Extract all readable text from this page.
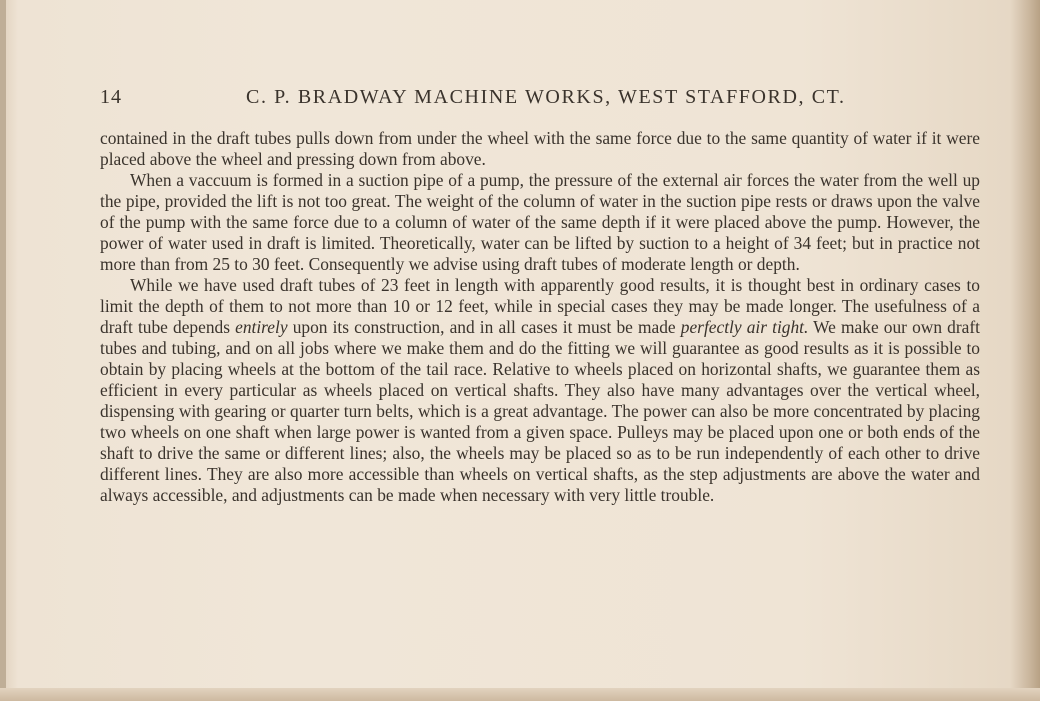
14	C. P. BRADWAY MACHINE WORKS, WEST STAFFORD, CT.

contained in the draft tubes pulls down from under the wheel with the same force due to the same quantity of water if it were placed above the wheel and pressing down from above.

When a vaccuum is formed in a suction pipe of a pump, the pressure of the external air forces the water from the well up the pipe, provided the lift is not too great. The weight of the column of water in the suction pipe rests or draws upon the valve of the pump with the same force due to a column of water of the same depth if it were placed above the pump. However, the power of water used in draft is limited. Theoretically, water can be lifted by suction to a height of 34 feet; but in practice not more than from 25 to 30 feet. Consequently we advise using draft tubes of moderate length or depth.

While we have used draft tubes of 23 feet in length with apparently good results, it is thought best in ordinary cases to limit the depth of them to not more than 10 or 12 feet, while in special cases they may be made longer. The usefulness of a draft tube depends entirely upon its construction, and in all cases it must be made perfectly air tight. We make our own draft tubes and tubing, and on all jobs where we make them and do the fitting we will guarantee as good results as it is possible to obtain by placing wheels at the bottom of the tail race. Relative to wheels placed on horizontal shafts, we guarantee them as efficient in every particular as wheels placed on vertical shafts. They also have many advantages over the vertical wheel, dispensing with gearing or quarter turn belts, which is a great advantage. The power can also be more concentrated by placing two wheels on one shaft when large power is wanted from a given space. Pulleys may be placed upon one or both ends of the shaft to drive the same or different lines; also, the wheels may be placed so as to be run independently of each other to drive different lines. They are also more accessible than wheels on vertical shafts, as the step adjustments are above the water and always accessible, and adjustments can be made when necessary with very little trouble.
